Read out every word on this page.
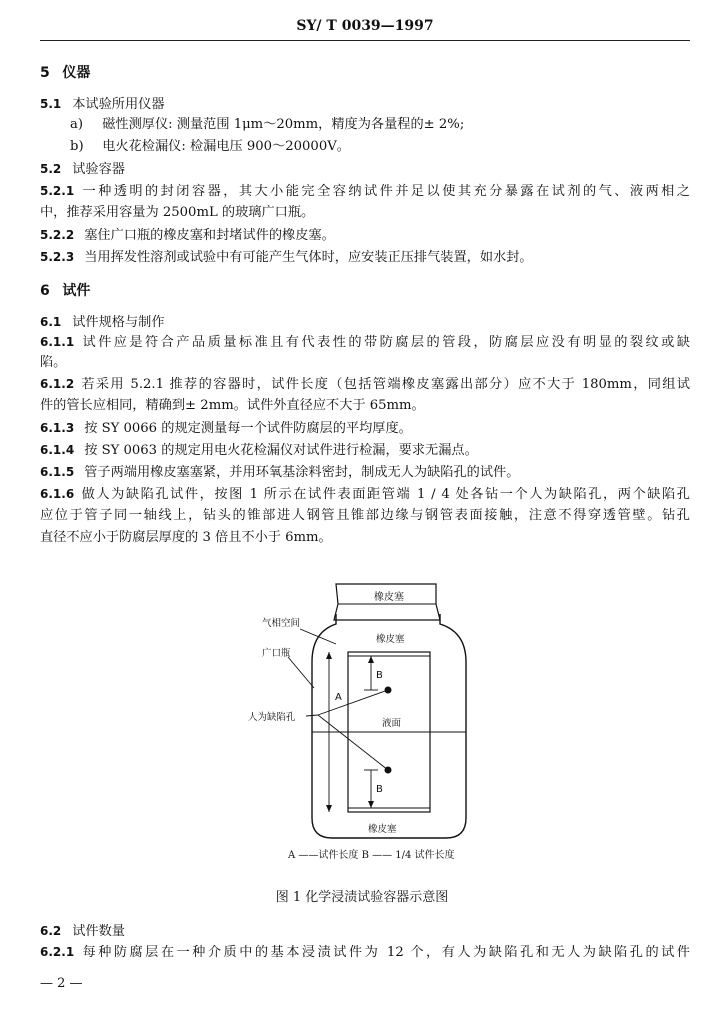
SY/ T 0039—1997
5 仪器
5.1 本试验所用仪器
a) 磁性测厚仪: 测量范围 1μm～20mm，精度为各量程的± 2%;
b) 电火花检漏仪: 检漏电压 900～20000V。
5.2 试验容器
5.2.1 一种透明的封闭容器，其大小能完全容纳试件并足以使其充分暴露在试剂的气、液两相之
中，推荐采用容量为 2500mL 的玻璃广口瓶。
5.2.2 塞住广口瓶的橡皮塞和封堵试件的橡皮塞。
5.2.3 当用挥发性溶剂或试验中有可能产生气体时，应安装正压排气装置，如水封。
6 试件
6.1 试件规格与制作
6.1.1 试件应是符合产品质量标准且有代表性的带防腐层的管段，防腐层应没有明显的裂纹或缺
陷。
6.1.2 若采用 5.2.1 推荐的容器时，试件长度（包括管端橡皮塞露出部分）应不大于 180mm，同组试
件的管长应相同，精确到± 2mm。试件外直径应不大于 65mm。
6.1.3 按 SY 0066 的规定测量每一个试件防腐层的平均厚度。
6.1.4 按 SY 0063 的规定用电火花检漏仪对试件进行检漏，要求无漏点。
6.1.5 管子两端用橡皮塞塞紧，并用环氧基涂料密封，制成无人为缺陷孔的试件。
6.1.6 做人为缺陷孔试件，按图 1 所示在试件表面距管端 1 / 4 处各钻一个人为缺陷孔，两个缺陷孔
应位于管子同一轴线上，钻头的锥部进人钢管且锥部边缘与钢管表面接触，注意不得穿透管壁。钻孔
直径不应小于防腐层厚度的 3 倍且不小于 6mm。
橡皮塞
气相空间
广口瓶
橡皮塞
A
B
人为缺陷孔
液面
B
橡皮塞
A ——试件长度 B —— 1/4 试件长度
图 1 化学浸渍试验容器示意图
6.2 试件数量
6.2.1 每种防腐层在一种介质中的基本浸渍试件为 12 个，有人为缺陷孔和无人为缺陷孔的试件
— 2 —
